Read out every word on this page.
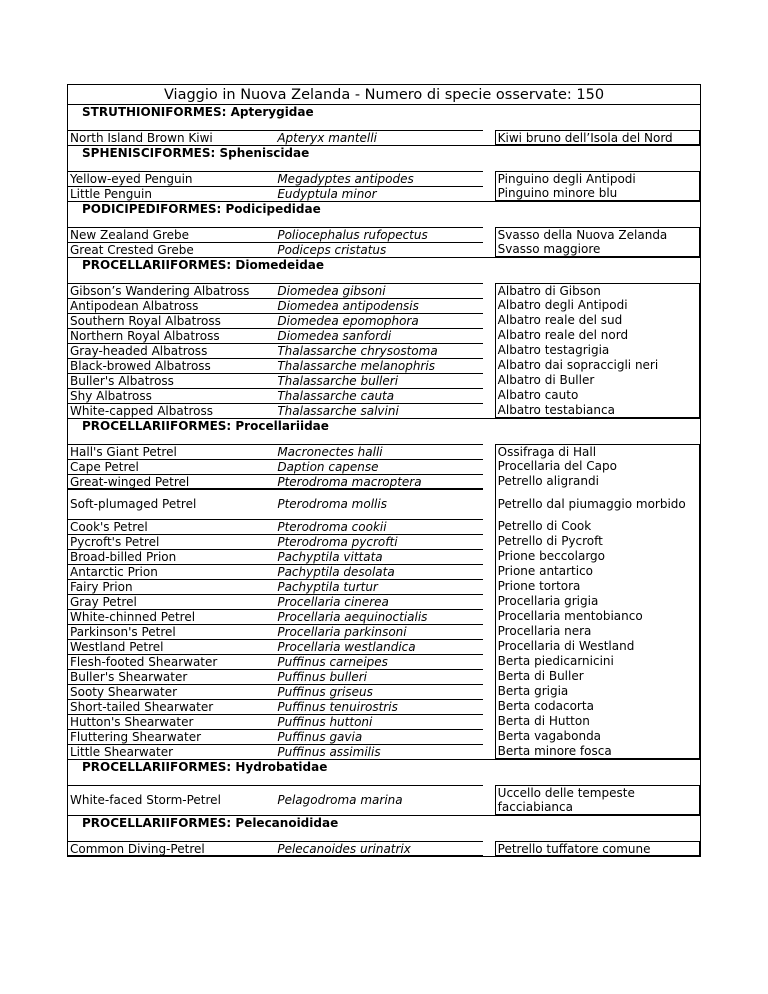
Viaggio in Nuova Zelanda - Numero di specie osservate: 150
STRUTHIONIFORMES: Apterygidae
North Island Brown Kiwi	Apteryx mantelli	Kiwi bruno dell’Isola del Nord
SPHENISCIFORMES: Spheniscidae
Yellow-eyed Penguin	Megadyptes antipodes	Pinguino degli Antipodi
Little Penguin	Eudyptula minor	Pinguino minore blu
PODICIPEDIFORMES: Podicipedidae
New Zealand Grebe	Poliocephalus rufopectus	Svasso della Nuova Zelanda
Great Crested Grebe	Podiceps cristatus	Svasso maggiore
PROCELLARIIFORMES: Diomedeidae
Gibson’s Wandering Albatross	Diomedea gibsoni	Albatro di Gibson
Antipodean Albatross	Diomedea antipodensis	Albatro degli Antipodi
Southern Royal Albatross	Diomedea epomophora	Albatro reale del sud
Northern Royal Albatross	Diomedea sanfordi	Albatro reale del nord
Gray-headed Albatross	Thalassarche chrysostoma	Albatro testagrigia
Black-browed Albatross	Thalassarche melanophris	Albatro dai sopraccigli neri
Buller's Albatross	Thalassarche bulleri	Albatro di Buller
Shy Albatross	Thalassarche cauta	Albatro cauto
White-capped Albatross	Thalassarche salvini	Albatro testabianca
PROCELLARIIFORMES: Procellariidae
Hall's Giant Petrel	Macronectes halli	Ossifraga di Hall
Cape Petrel	Daption capense	Procellaria del Capo
Great-winged Petrel	Pterodroma macroptera	Petrello aligrandi
Soft-plumaged Petrel	Pterodroma mollis	Petrello dal piumaggio morbido
Cook's Petrel	Pterodroma cookii	Petrello di Cook
Pycroft's Petrel	Pterodroma pycrofti	Petrello di Pycroft
Broad-billed Prion	Pachyptila vittata	Prione beccolargo
Antarctic Prion	Pachyptila desolata	Prione antartico
Fairy Prion	Pachyptila turtur	Prione tortora
Gray Petrel	Procellaria cinerea	Procellaria grigia
White-chinned Petrel	Procellaria aequinoctialis	Procellaria mentobianco
Parkinson's Petrel	Procellaria parkinsoni	Procellaria nera
Westland Petrel	Procellaria westlandica	Procellaria di Westland
Flesh-footed Shearwater	Puffinus carneipes	Berta piedicarnicini
Buller's Shearwater	Puffinus bulleri	Berta di Buller
Sooty Shearwater	Puffinus griseus	Berta grigia
Short-tailed Shearwater	Puffinus tenuirostris	Berta codacorta
Hutton's Shearwater	Puffinus huttoni	Berta di Hutton
Fluttering Shearwater	Puffinus gavia	Berta vagabonda
Little Shearwater	Puffinus assimilis	Berta minore fosca
PROCELLARIIFORMES: Hydrobatidae
White-faced Storm-Petrel	Pelagodroma marina	Uccello delle tempeste facciabianca
PROCELLARIIFORMES: Pelecanoididae
Common Diving-Petrel	Pelecanoides urinatrix	Petrello tuffatore comune
